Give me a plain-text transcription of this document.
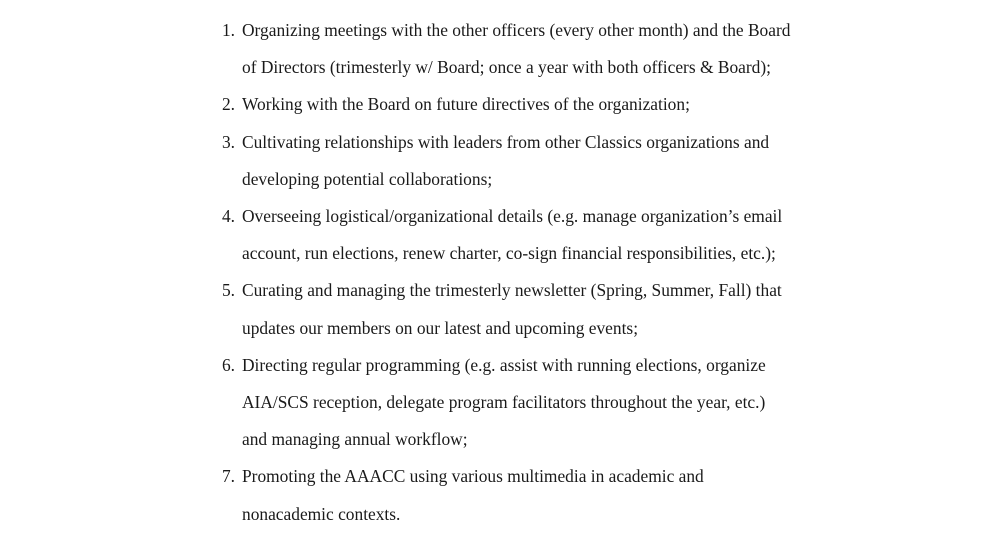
1. Organizing meetings with the other officers (every other month) and the Board
of Directors (trimesterly w/ Board; once a year with both officers & Board);
2. Working with the Board on future directives of the organization;
3. Cultivating relationships with leaders from other Classics organizations and
developing potential collaborations;
4. Overseeing logistical/organizational details (e.g. manage organization’s email
account, run elections, renew charter, co-sign financial responsibilities, etc.);
5. Curating and managing the trimesterly newsletter (Spring, Summer, Fall) that
updates our members on our latest and upcoming events;
6. Directing regular programming (e.g. assist with running elections, organize
AIA/SCS reception, delegate program facilitators throughout the year, etc.)
and managing annual workflow;
7. Promoting the AAACC using various multimedia in academic and
nonacademic contexts.
